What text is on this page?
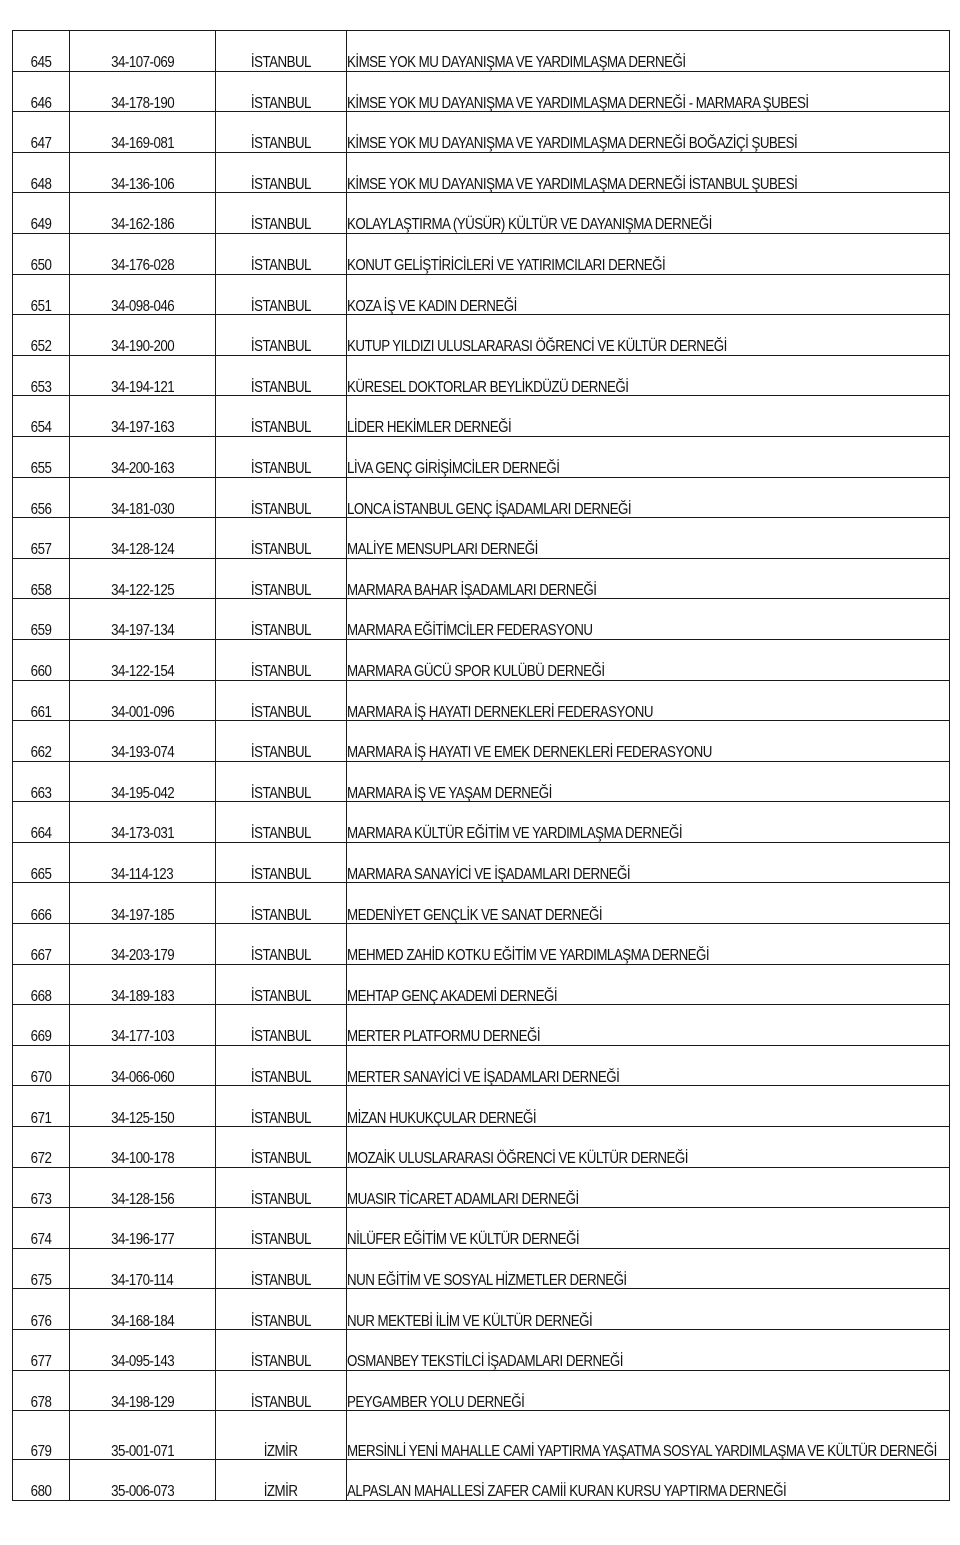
645	34-107-069	İSTANBUL	KİMSE YOK MU DAYANIŞMA VE YARDIMLAŞMA DERNEĞİ
646	34-178-190	İSTANBUL	KİMSE YOK MU DAYANIŞMA VE YARDIMLAŞMA DERNEĞİ - MARMARA ŞUBESİ
647	34-169-081	İSTANBUL	KİMSE YOK MU DAYANIŞMA VE YARDIMLAŞMA DERNEĞİ BOĞAZİÇİ ŞUBESİ
648	34-136-106	İSTANBUL	KİMSE YOK MU DAYANIŞMA VE YARDIMLAŞMA DERNEĞİ İSTANBUL ŞUBESİ
649	34-162-186	İSTANBUL	KOLAYLAŞTIRMA (YÜSÜR) KÜLTÜR VE DAYANIŞMA DERNEĞİ
650	34-176-028	İSTANBUL	KONUT GELİŞTİRİCİLERİ VE YATIRIMCILARI DERNEĞİ
651	34-098-046	İSTANBUL	KOZA İŞ VE KADIN DERNEĞİ
652	34-190-200	İSTANBUL	KUTUP YILDIZI ULUSLARARASI ÖĞRENCİ VE KÜLTÜR DERNEĞİ
653	34-194-121	İSTANBUL	KÜRESEL DOKTORLAR BEYLİKDÜZÜ DERNEĞİ
654	34-197-163	İSTANBUL	LİDER HEKİMLER DERNEĞİ
655	34-200-163	İSTANBUL	LİVA GENÇ GİRİŞİMCİLER DERNEĞİ
656	34-181-030	İSTANBUL	LONCA İSTANBUL GENÇ İŞADAMLARI DERNEĞİ
657	34-128-124	İSTANBUL	MALİYE MENSUPLARI DERNEĞİ
658	34-122-125	İSTANBUL	MARMARA BAHAR İŞADAMLARI DERNEĞİ
659	34-197-134	İSTANBUL	MARMARA EĞİTİMCİLER FEDERASYONU
660	34-122-154	İSTANBUL	MARMARA GÜCÜ SPOR KULÜBÜ DERNEĞİ
661	34-001-096	İSTANBUL	MARMARA İŞ HAYATI DERNEKLERİ FEDERASYONU
662	34-193-074	İSTANBUL	MARMARA İŞ HAYATI VE EMEK DERNEKLERİ FEDERASYONU
663	34-195-042	İSTANBUL	MARMARA İŞ VE YAŞAM DERNEĞİ
664	34-173-031	İSTANBUL	MARMARA KÜLTÜR EĞİTİM VE YARDIMLAŞMA DERNEĞİ
665	34-114-123	İSTANBUL	MARMARA SANAYİCİ VE İŞADAMLARI DERNEĞİ
666	34-197-185	İSTANBUL	MEDENİYET GENÇLİK VE SANAT DERNEĞİ
667	34-203-179	İSTANBUL	MEHMED ZAHİD KOTKU EĞİTİM VE YARDIMLAŞMA DERNEĞİ
668	34-189-183	İSTANBUL	MEHTAP GENÇ AKADEMİ DERNEĞİ
669	34-177-103	İSTANBUL	MERTER PLATFORMU DERNEĞİ
670	34-066-060	İSTANBUL	MERTER SANAYİCİ VE İŞADAMLARI DERNEĞİ
671	34-125-150	İSTANBUL	MİZAN HUKUKÇULAR DERNEĞİ
672	34-100-178	İSTANBUL	MOZAİK ULUSLARARASI ÖĞRENCİ VE KÜLTÜR DERNEĞİ
673	34-128-156	İSTANBUL	MUASIR TİCARET ADAMLARI DERNEĞİ
674	34-196-177	İSTANBUL	NİLÜFER EĞİTİM VE KÜLTÜR DERNEĞİ
675	34-170-114	İSTANBUL	NUN EĞİTİM VE SOSYAL HİZMETLER DERNEĞİ
676	34-168-184	İSTANBUL	NUR MEKTEBİ İLİM VE KÜLTÜR DERNEĞİ
677	34-095-143	İSTANBUL	OSMANBEY TEKSTİLCİ İŞADAMLARI DERNEĞİ
678	34-198-129	İSTANBUL	PEYGAMBER YOLU DERNEĞİ
679	35-001-071	İZMİR	MERSİNLİ YENİ MAHALLE CAMİ YAPTIRMA YAŞATMA SOSYAL YARDIMLAŞMA VE KÜLTÜR DERNEĞİ
680	35-006-073	İZMİR	ALPASLAN MAHALLESİ ZAFER CAMİİ KURAN KURSU YAPTIRMA DERNEĞİ
